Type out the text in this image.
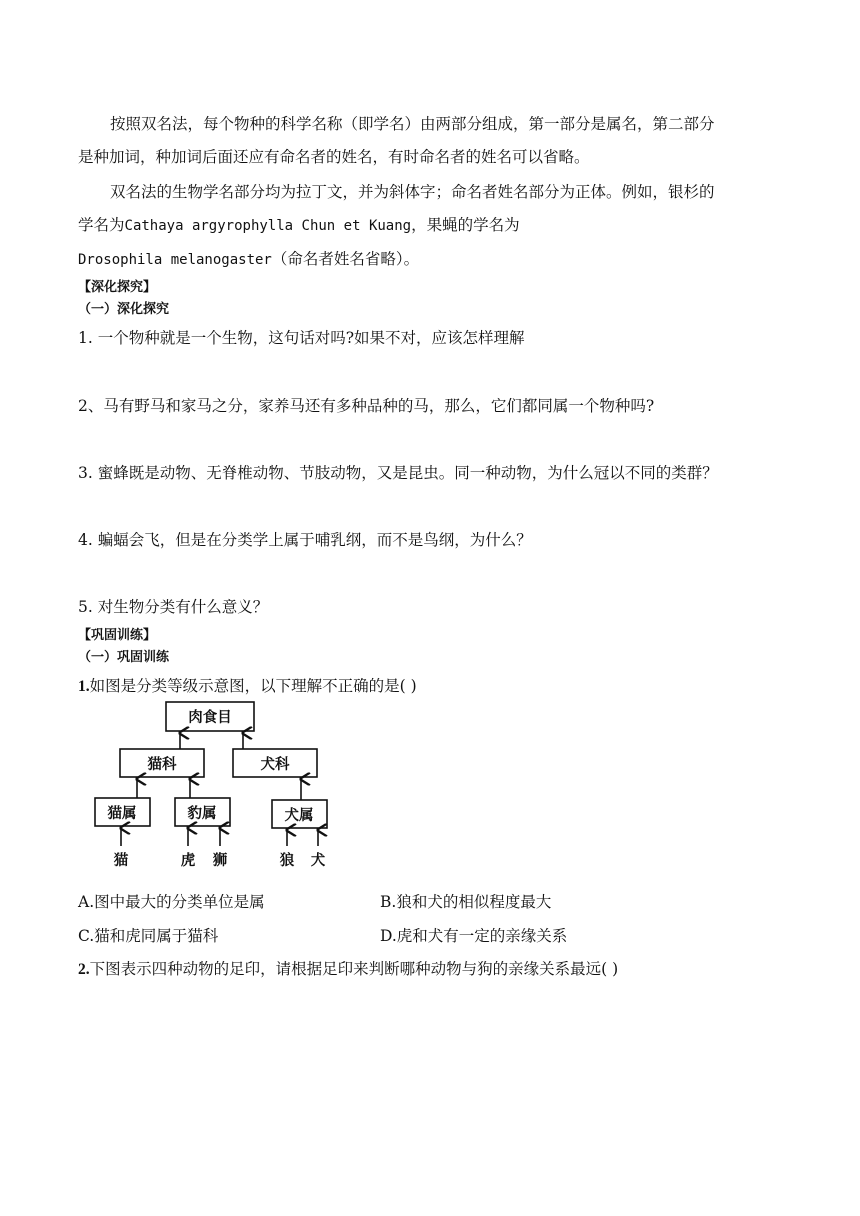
按照双名法，每个物种的科学名称（即学名）由两部分组成，第一部分是属名，第二部分
是种加词，种加词后面还应有命名者的姓名，有时命名者的姓名可以省略。
双名法的生物学名部分均为拉丁文，并为斜体字；命名者姓名部分为正体。例如，银杉的
学名为Cathaya argyrophylla Chun et Kuang，果蝇的学名为
Drosophila melanogaster（命名者姓名省略）。
【深化探究】
（一）深化探究
1. 一个物种就是一个生物，这句话对吗?如果不对，应该怎样理解
2、马有野马和家马之分，家养马还有多种品种的马，那么，它们都同属一个物种吗?
3. 蜜蜂既是动物、无脊椎动物、节肢动物，又是昆虫。同一种动物，为什么冠以不同的类群？
4. 蝙蝠会飞，但是在分类学上属于哺乳纲，而不是鸟纲，为什么？
5. 对生物分类有什么意义？
【巩固训练】
（一）巩固训练
1.如图是分类等级示意图，以下理解不正确的是( )
肉食目
猫科	犬科
猫属	豹属	犬属
猫	虎 狮	狼 犬
A.图中最大的分类单位是属	B.狼和犬的相似程度最大
C.猫和虎同属于猫科	D.虎和犬有一定的亲缘关系
2.下图表示四种动物的足印，请根据足印来判断哪种动物与狗的亲缘关系最远( )
